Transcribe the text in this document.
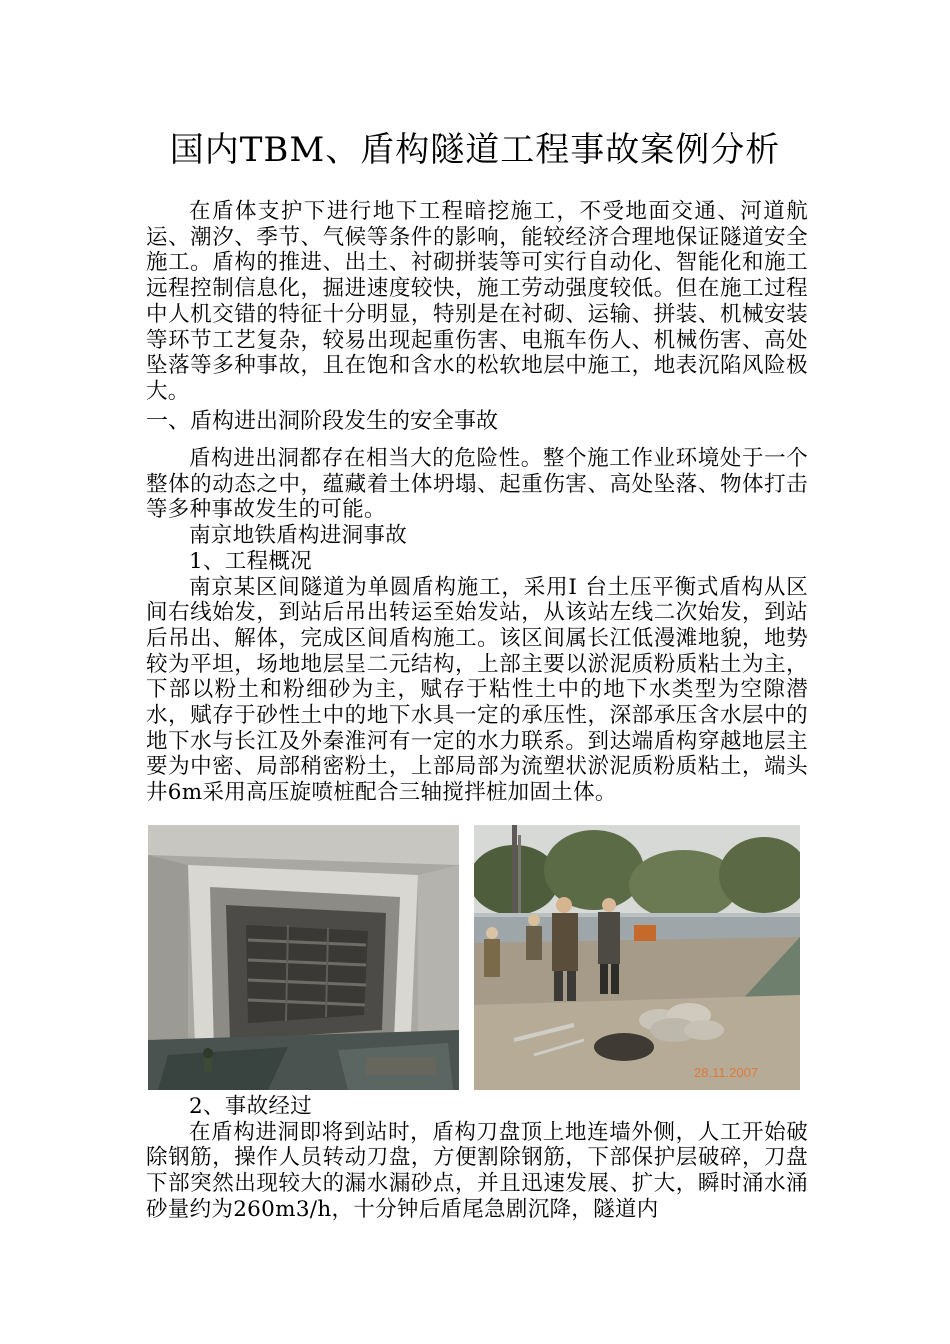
国内TBM、盾构隧道工程事故案例分析

在盾体支护下进行地下工程暗挖施工，不受地面交通、河道航运、潮汐、季节、气候等条件的影响，能较经济合理地保证隧道安全施工。盾构的推进、出土、衬砌拼装等可实行自动化、智能化和施工远程控制信息化，掘进速度较快，施工劳动强度较低。但在施工过程中人机交错的特征十分明显，特别是在衬砌、运输、拼装、机械安装等环节工艺复杂，较易出现起重伤害、电瓶车伤人、机械伤害、高处坠落等多种事故，且在饱和含水的松软地层中施工，地表沉陷风险极大。

一、盾构进出洞阶段发生的安全事故

盾构进出洞都存在相当大的危险性。整个施工作业环境处于一个整体的动态之中，蕴藏着土体坍塌、起重伤害、高处坠落、物体打击等多种事故发生的可能。

南京地铁盾构进洞事故

1、工程概况

南京某区间隧道为单圆盾构施工，采用Ⅰ 台土压平衡式盾构从区间右线始发，到站后吊出转运至始发站，从该站左线二次始发，到站后吊出、解体，完成区间盾构施工。该区间属长江低漫滩地貌，地势较为平坦，场地地层呈二元结构，上部主要以淤泥质粉质粘土为主，下部以粉土和粉细砂为主，赋存于粘性土中的地下水类型为空隙潜水，赋存于砂性土中的地下水具一定的承压性，深部承压含水层中的地下水与长江及外秦淮河有一定的水力联系。到达端盾构穿越地层主要为中密、局部稍密粉土，上部局部为流塑状淤泥质粉质粘土，端头井6m采用高压旋喷桩配合三轴搅拌桩加固土体。

28.11.2007

2、事故经过

在盾构进洞即将到站时，盾构刀盘顶上地连墙外侧，人工开始破除钢筋，操作人员转动刀盘，方便割除钢筋，下部保护层破碎，刀盘下部突然出现较大的漏水漏砂点，并且迅速发展、扩大，瞬时涌水涌砂量约为260m3/h，十分钟后盾尾急剧沉降，隧道内
